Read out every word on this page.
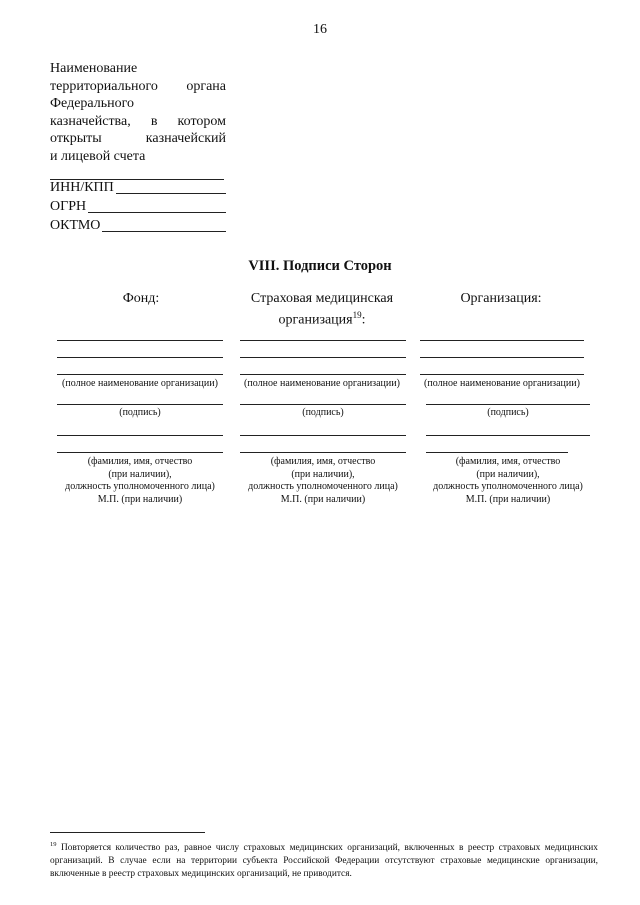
16
Наименование
территориального органа
Федерального
казначейства, в котором
открыты казначейский
и лицевой счета
ИНН/КПП
ОГРН
ОКТМО
VIII. Подписи Сторон
Фонд:	Страховая медицинская
организация$^{19}$:
Организация:
(полное наименование организации)
(подпись)
(фамилия, имя, отчество
(при наличии),
должность уполномоченного лица)
М.П. (при наличии)
(полное наименование организации)
(подпись)
(фамилия, имя, отчество
(при наличии),
должность уполномоченного лица)
М.П. (при наличии)
(полное наименование организации)
(подпись)
(фамилия, имя, отчество
(при наличии),
должность уполномоченного лица)
М.П. (при наличии)
$^{19}$ Повторяется количество раз, равное числу страховых медицинских организаций, включенных в реестр страховых медицинских организаций. В случае если на территории субъекта Российской Федерации отсутствуют страховые медицинские организации, включенные в реестр страховых медицинских организаций, не приводится.
